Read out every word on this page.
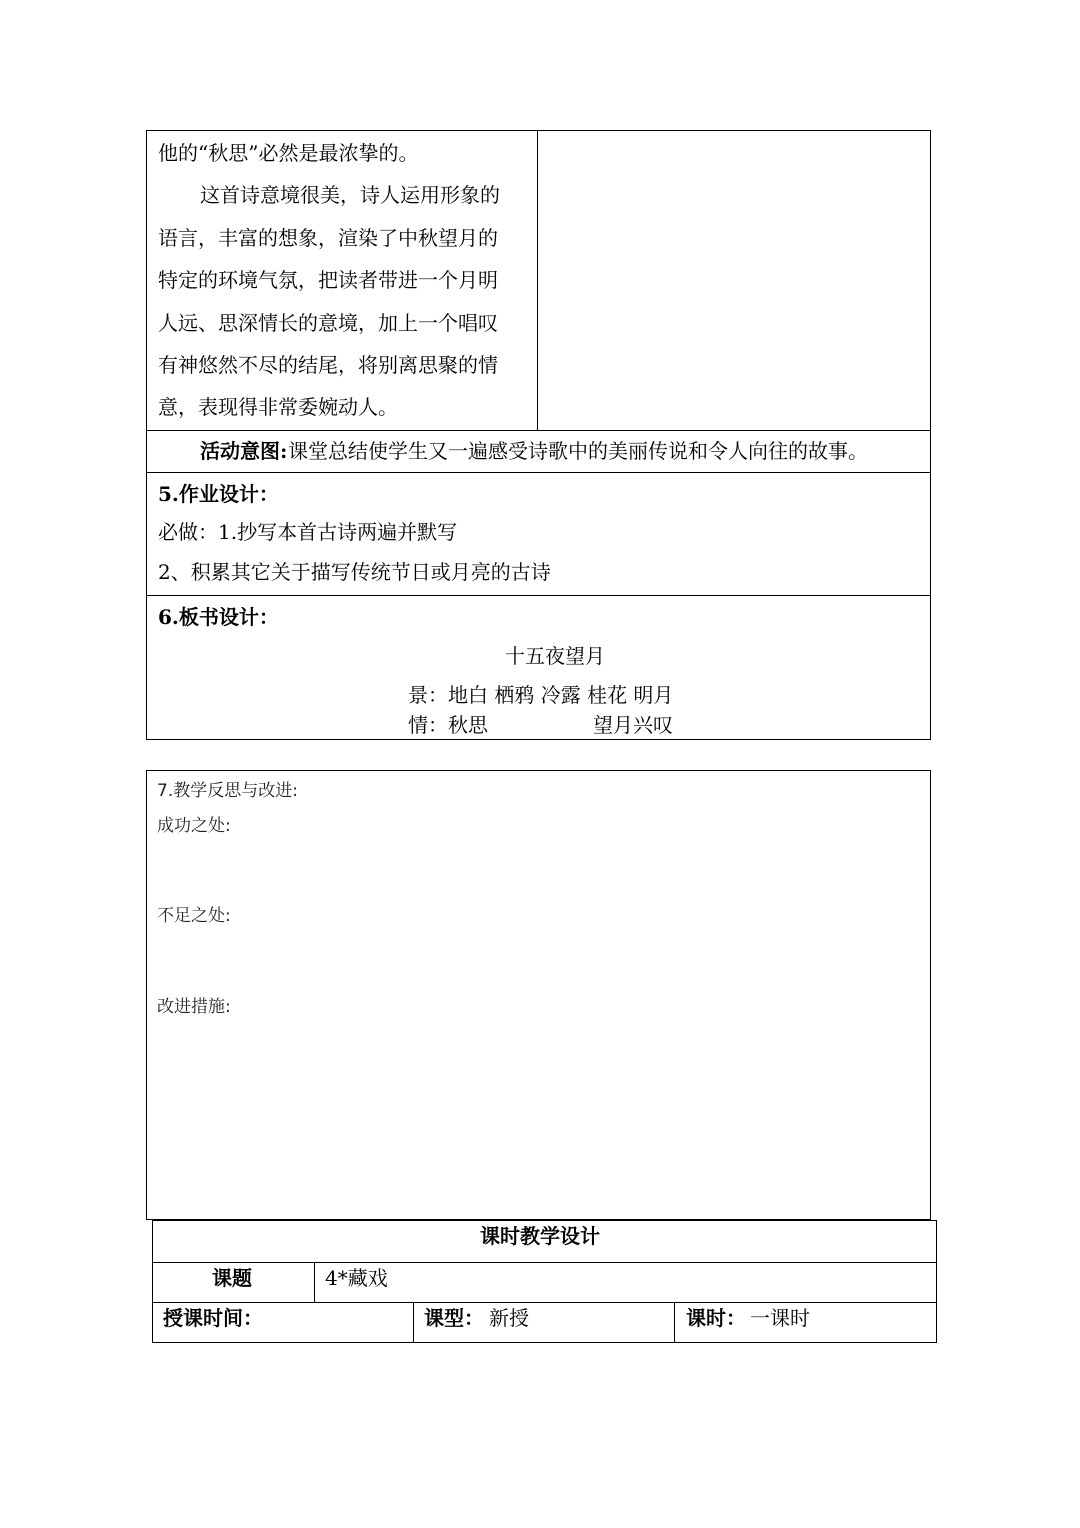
他的“秋思”必然是最浓挚的。
这首诗意境很美，诗人运用形象的
语言，丰富的想象，渲染了中秋望月的
特定的环境气氛，把读者带进一个月明
人远、思深情长的意境，加上一个唱叹
有神悠然不尽的结尾，将别离思聚的情
意，表现得非常委婉动人。
活动意图: 课堂总结使学生又一遍感受诗歌中的美丽传说和令人向往的故事。
5.作业设计：
必做：1.抄写本首古诗两遍并默写
2、积累其它关于描写传统节日或月亮的古诗
6.板书设计：
十五夜望月
景：地白 栖鸦 冷露 桂花 明月
情：秋思	望月兴叹
7.教学反思与改进:
成功之处:
不足之处:
改进措施:
课时教学设计
课题	4*藏戏
授课时间：	课型： 新授	课时： 一课时
